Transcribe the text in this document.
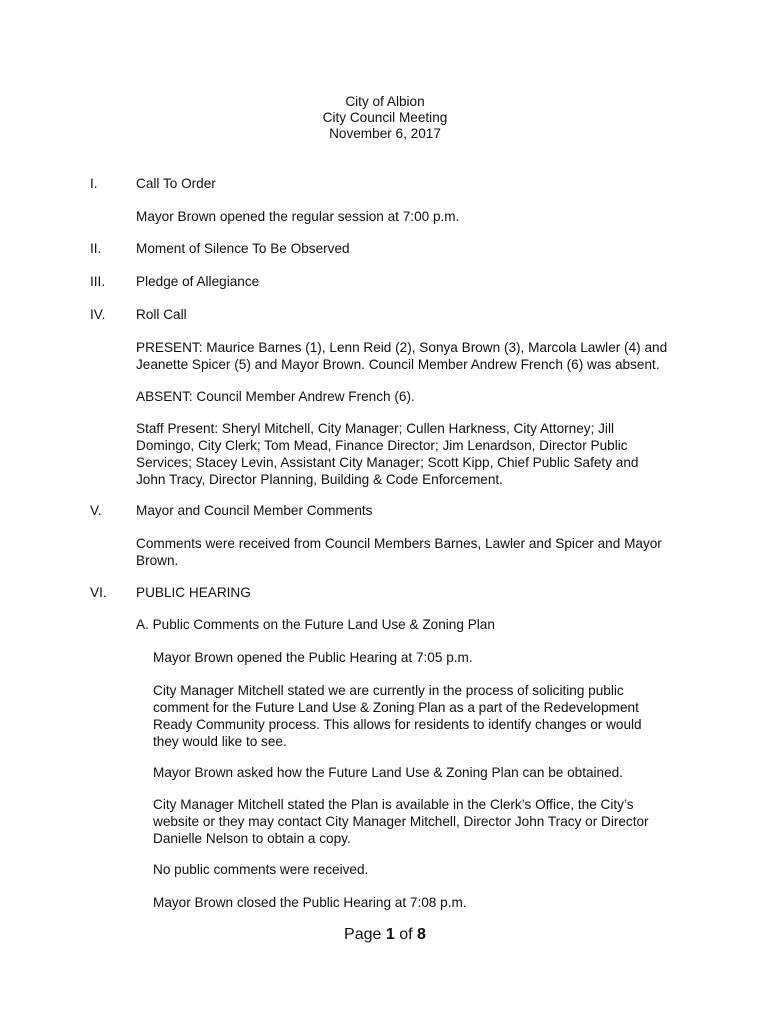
City of Albion
City Council Meeting
November 6, 2017
I.	Call To Order
Mayor Brown opened the regular session at 7:00 p.m.
II.	Moment of Silence To Be Observed
III. Pledge of Allegiance
IV. Roll Call
PRESENT: Maurice Barnes (1), Lenn Reid (2), Sonya Brown (3), Marcola Lawler (4) and
Jeanette Spicer (5) and Mayor Brown. Council Member Andrew French (6) was absent.
ABSENT: Council Member Andrew French (6).
Staff Present: Sheryl Mitchell, City Manager; Cullen Harkness, City Attorney; Jill
Domingo, City Clerk; Tom Mead, Finance Director; Jim Lenardson, Director Public
Services; Stacey Levin, Assistant City Manager; Scott Kipp, Chief Public Safety and
John Tracy, Director Planning, Building & Code Enforcement.
V.	Mayor and Council Member Comments
Comments were received from Council Members Barnes, Lawler and Spicer and Mayor
Brown.
VI. PUBLIC HEARING
A. Public Comments on the Future Land Use & Zoning Plan
Mayor Brown opened the Public Hearing at 7:05 p.m.
City Manager Mitchell stated we are currently in the process of soliciting public
comment for the Future Land Use & Zoning Plan as a part of the Redevelopment
Ready Community process. This allows for residents to identify changes or would
they would like to see.
Mayor Brown asked how the Future Land Use & Zoning Plan can be obtained.
City Manager Mitchell stated the Plan is available in the Clerk’s Office, the City’s
website or they may contact City Manager Mitchell, Director John Tracy or Director
Danielle Nelson to obtain a copy.
No public comments were received.
Mayor Brown closed the Public Hearing at 7:08 p.m.
Page 1 of 8
